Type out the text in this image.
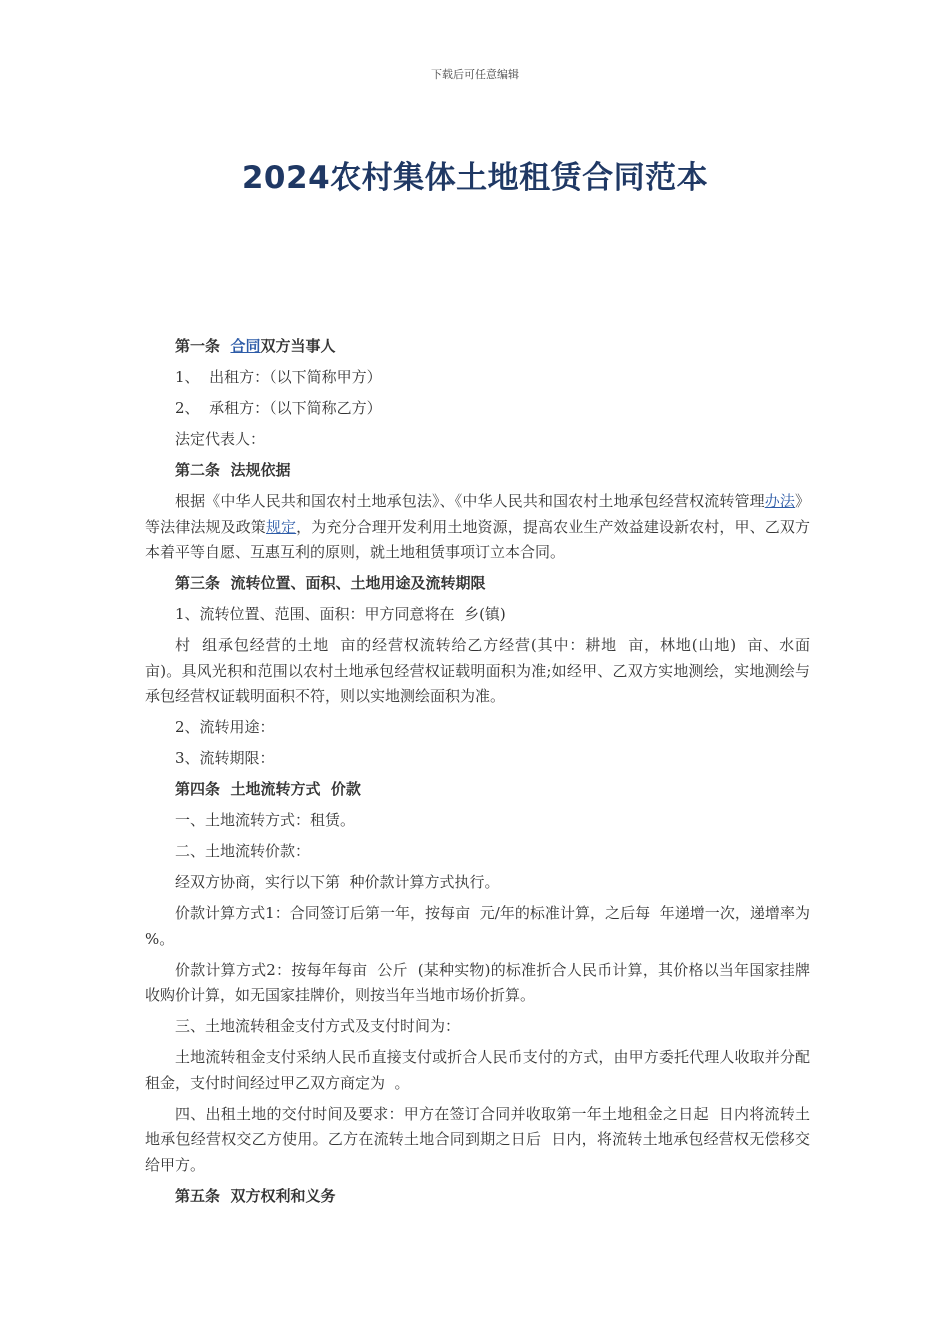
下载后可任意编辑
2024农村集体土地租赁合同范本

第一条 合同双方当事人

1、  出租方：（以下简称甲方）

2、  承租方：（以下简称乙方）

法定代表人：

第二条  法规依据

根据《中华人民共和国农村土地承包法》、《中华人民共和国农村土地承包经营权流转管理办法》等法律法规及政策规定，为充分合理开发利用土地资源，提高农业生产效益建设新农村，甲、乙双方本着平等自愿、互惠互利的原则，就土地租赁事项订立本合同。

第三条  流转位置、面积、土地用途及流转期限

1、流转位置、范围、面积：甲方同意将在  乡(镇)

村  组承包经营的土地  亩的经营权流转给乙方经营(其中：耕地  亩，林地(山地)  亩、水面  亩)。具风光积和范围以农村土地承包经营权证载明面积为准;如经甲、乙双方实地测绘，实地测绘与承包经营权证载明面积不符，则以实地测绘面积为准。

2、流转用途：

3、流转期限：

第四条  土地流转方式  价款

一、土地流转方式：租赁。

二、土地流转价款：

经双方协商，实行以下第  种价款计算方式执行。

价款计算方式1：合同签订后第一年，按每亩  元/年的标准计算，之后每  年递增一次，递增率为  %。

价款计算方式2：按每年每亩  公斤  (某种实物)的标准折合人民币计算，其价格以当年国家挂牌收购价计算，如无国家挂牌价，则按当年当地市场价折算。

三、土地流转租金支付方式及支付时间为：

土地流转租金支付采纳人民币直接支付或折合人民币支付的方式，由甲方委托代理人收取并分配租金，支付时间经过甲乙双方商定为  。

四、出租土地的交付时间及要求：甲方在签订合同并收取第一年土地租金之日起  日内将流转土地承包经营权交乙方使用。乙方在流转土地合同到期之日后  日内，将流转土地承包经营权无偿移交给甲方。

第五条  双方权利和义务
